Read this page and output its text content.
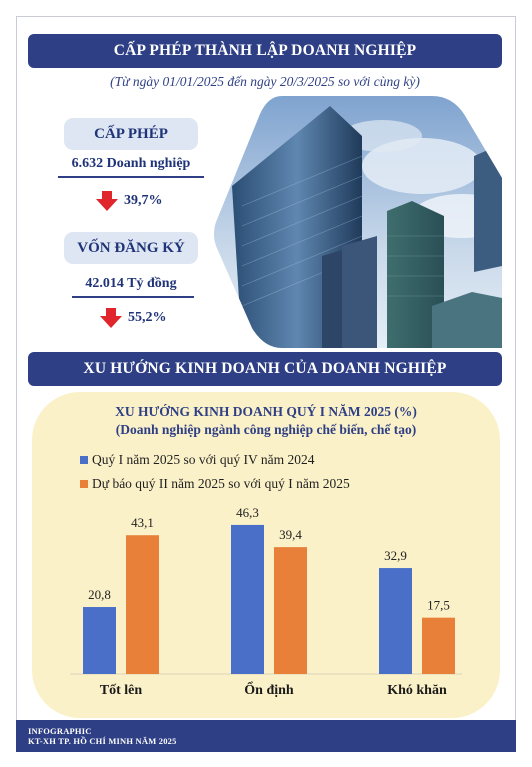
CẤP PHÉP THÀNH LẬP DOANH NGHIỆP
(Từ ngày 01/01/2025 đến ngày 20/3/2025 so với cùng kỳ)
CẤP PHÉP
6.632 Doanh nghiệp
39,7%
VỐN ĐĂNG KÝ
42.014 Tỷ đồng
55,2%
XU HƯỚNG KINH DOANH CỦA DOANH NGHIỆP
XU HƯỚNG KINH DOANH QUÝ I NĂM 2025 (%)
(Doanh nghiệp ngành công nghiệp chế biến, chế tạo)
Quý I năm 2025 so với quý IV năm 2024
Dự báo quý II năm 2025 so với quý I năm 2025
20,8
43,1
Tốt lên
46,3
39,4
Ổn định
32,9
17,5
Khó khăn
INFOGRAPHIC
KT-XH TP. HỒ CHÍ MINH NĂM 2025
